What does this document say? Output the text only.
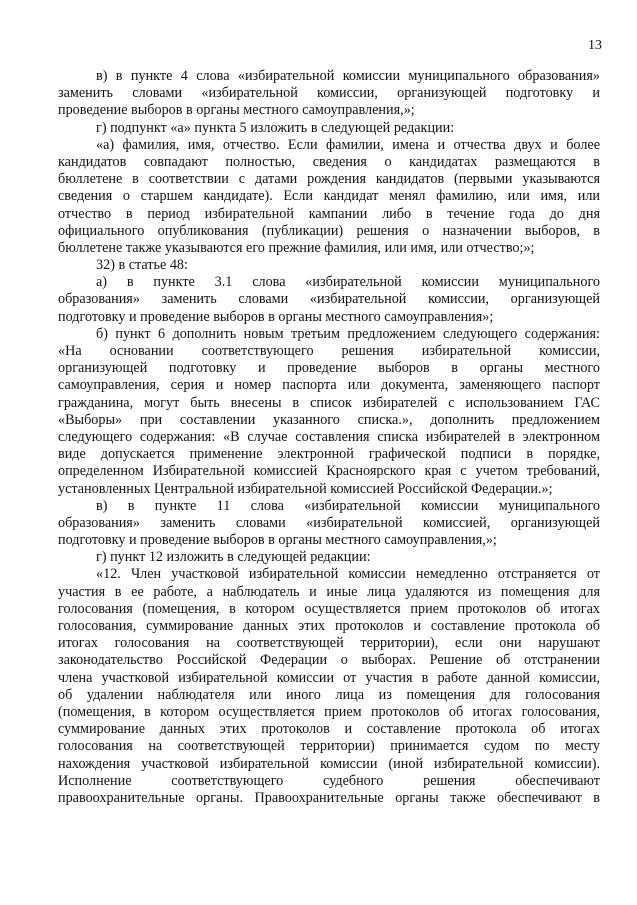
13
в) в пункте 4 слова «избирательной комиссии муниципального образования»
заменить словами «избирательной комиссии, организующей подготовку и
проведение выборов в органы местного самоуправления,»;
г) подпункт «а» пункта 5 изложить в следующей редакции:
«а) фамилия, имя, отчество. Если фамилии, имена и отчества двух и более
кандидатов совпадают полностью, сведения о кандидатах размещаются в
бюллетене в соответствии с датами рождения кандидатов (первыми указываются
сведения о старшем кандидате). Если кандидат менял фамилию, или имя, или
отчество в период избирательной кампании либо в течение года до дня
официального опубликования (публикации) решения о назначении выборов, в
бюллетене также указываются его прежние фамилия, или имя, или отчество;»;
32) в статье 48:
а) в пункте 3.1 слова «избирательной комиссии муниципального
образования» заменить словами «избирательной комиссии, организующей
подготовку и проведение выборов в органы местного самоуправления»;
б) пункт 6 дополнить новым третьим предложением следующего содержания:
«На основании соответствующего решения избирательной комиссии,
организующей подготовку и проведение выборов в органы местного
самоуправления, серия и номер паспорта или документа, заменяющего паспорт
гражданина, могут быть внесены в список избирателей с использованием ГАС
«Выборы» при составлении указанного списка.», дополнить предложением
следующего содержания: «В случае составления списка избирателей в электронном
виде допускается применение электронной графической подписи в порядке,
определенном Избирательной комиссией Красноярского края с учетом требований,
установленных Центральной избирательной комиссией Российской Федерации.»;
в) в пункте 11 слова «избирательной комиссии муниципального
образования» заменить словами «избирательной комиссией, организующей
подготовку и проведение выборов в органы местного самоуправления,»;
г) пункт 12 изложить в следующей редакции:
«12. Член участковой избирательной комиссии немедленно отстраняется от
участия в ее работе, а наблюдатель и иные лица удаляются из помещения для
голосования (помещения, в котором осуществляется прием протоколов об итогах
голосования, суммирование данных этих протоколов и составление протокола об
итогах голосования на соответствующей территории), если они нарушают
законодательство Российской Федерации о выборах. Решение об отстранении
члена участковой избирательной комиссии от участия в работе данной комиссии,
об удалении наблюдателя или иного лица из помещения для голосования
(помещения, в котором осуществляется прием протоколов об итогах голосования,
суммирование данных этих протоколов и составление протокола об итогах
голосования на соответствующей территории) принимается судом по месту
нахождения участковой избирательной комиссии (иной избирательной комиссии).
Исполнение соответствующего судебного решения обеспечивают
правоохранительные органы. Правоохранительные органы также обеспечивают в
